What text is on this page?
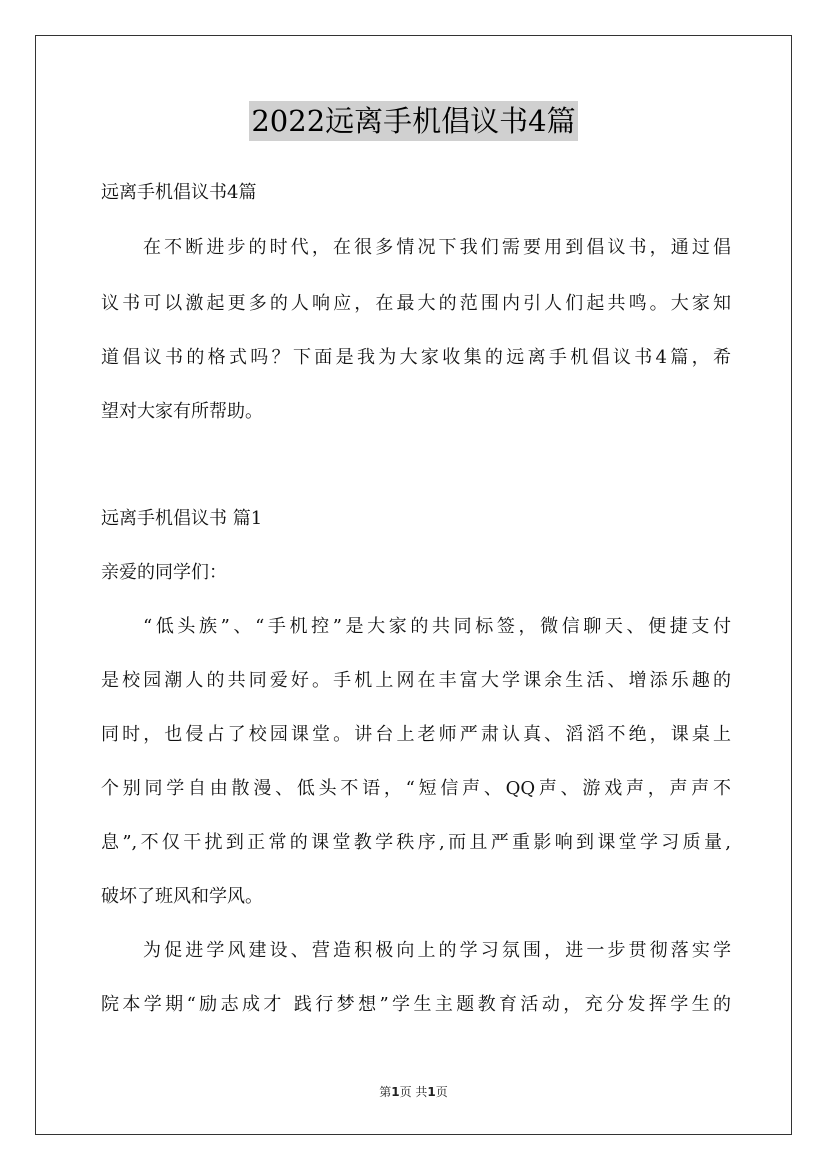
2022远离手机倡议书4篇
远离手机倡议书4篇
在不断进步的时代，在很多情况下我们需要用到倡议书，通过倡
议书可以激起更多的人响应，在最大的范围内引人们起共鸣。大家知
道倡议书的格式吗？下面是我为大家收集的远离手机倡议书4篇，希
望对大家有所帮助。
远离手机倡议书 篇1
亲爱的同学们：
“低头族”、“手机控”是大家的共同标签，微信聊天、便捷支付
是校园潮人的共同爱好。手机上网在丰富大学课余生活、增添乐趣的
同时，也侵占了校园课堂。讲台上老师严肃认真、滔滔不绝，课桌上
个别同学自由散漫、低头不语，“短信声、QQ声、游戏声，声声不
息”,不仅干扰到正常的课堂教学秩序,而且严重影响到课堂学习质量,
破坏了班风和学风。
为促进学风建设、营造积极向上的学习氛围，进一步贯彻落实学
院本学期“励志成才 践行梦想”学生主题教育活动，充分发挥学生的
第1页 共1页
